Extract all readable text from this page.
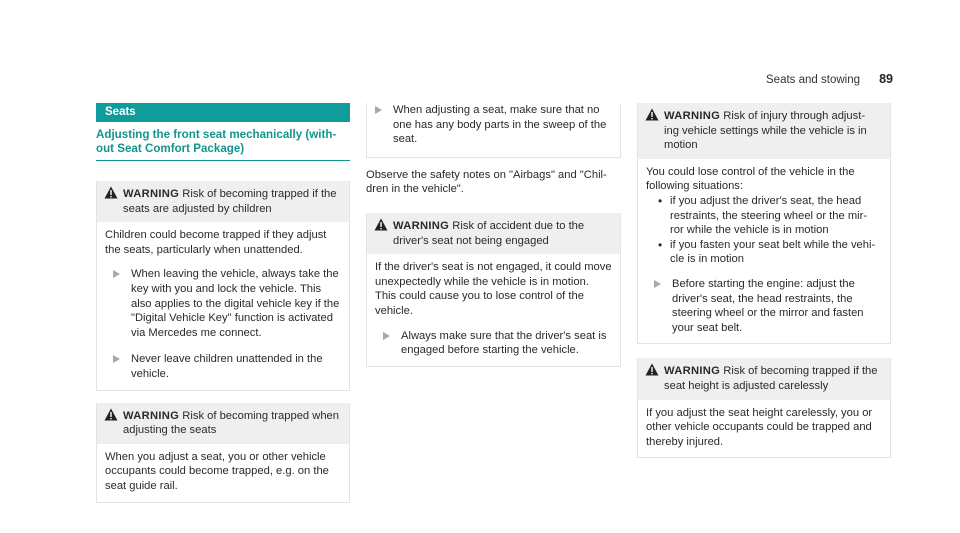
Seats and stowing 89
Seats
Adjusting the front seat mechanically (with- out Seat Comfort Package)
WARNING Risk of becoming trapped if the seats are adjusted by children

Children could become trapped if they adjust the seats, particularly when unattended.

When leaving the vehicle, always take the key with you and lock the vehicle. This also applies to the digital vehicle key if the "Digital Vehicle Key" function is activated via Mercedes me connect.
Never leave children unattended in the vehicle.
WARNING Risk of becoming trapped when adjusting the seats

When you adjust a seat, you or other vehicle occupants could become trapped, e.g. on the seat guide rail.

When adjusting a seat, make sure that no one has any body parts in the sweep of the seat.

Observe the safety notes on "Airbags" and "Chil- dren in the vehicle".

WARNING Risk of accident due to the driver's seat not being engaged

If the driver's seat is not engaged, it could move unexpectedly while the vehicle is in motion.

This could cause you to lose control of the vehicle.

Always make sure that the driver's seat is engaged before starting the vehicle.
WARNING Risk of injury through adjust- ing vehicle settings while the vehicle is in motion

You could lose control of the vehicle in the following situations:

• if you adjust the driver's seat, the head restraints, the steering wheel or the mir- ror while the vehicle is in motion
• if you fasten your seat belt while the vehi- cle is in motion
Before starting the engine: adjust the driver's seat, the head restraints, the steering wheel or the mirror and fasten your seat belt.
WARNING Risk of becoming trapped if the seat height is adjusted carelessly

If you adjust the seat height carelessly, you or other vehicle occupants could be trapped and thereby injured.
